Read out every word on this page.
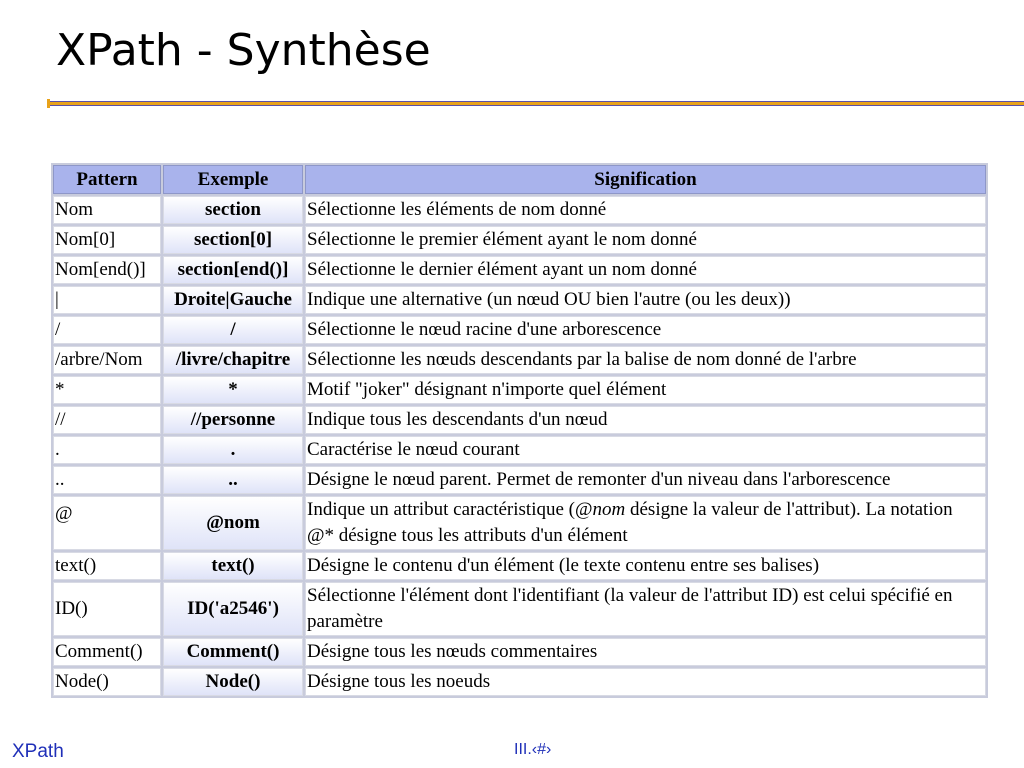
XPath - Synthèse
Pattern	Exemple	Signification
Nom	section	Sélectionne les éléments de nom donné
Nom[0]	section[0]	Sélectionne le premier élément ayant le nom donné
Nom[end()]	section[end()]	Sélectionne le dernier élément ayant un nom donné
|	Droite|Gauche	Indique une alternative (un nœud OU bien l'autre (ou les deux))
/	/	Sélectionne le nœud racine d'une arborescence
/arbre/Nom	/livre/chapitre	Sélectionne les nœuds descendants par la balise de nom donné de l'arbre
*	*	Motif "joker" désignant n'importe quel élément
//	//personne	Indique tous les descendants d'un nœud
.	.	Caractérise le nœud courant
..	..	Désigne le nœud parent. Permet de remonter d'un niveau dans l'arborescence
@	@nom	Indique un attribut caractéristique (@nom désigne la valeur de l'attribut). La notation @* désigne tous les attributs d'un élément
text()	text()	Désigne le contenu d'un élément (le texte contenu entre ses balises)
ID()	ID('a2546')	Sélectionne l'élément dont l'identifiant (la valeur de l'attribut ID) est celui spécifié en paramètre
Comment()	Comment()	Désigne tous les nœuds commentaires
Node()	Node()	Désigne tous les noeuds
XPath	III.‹#›
